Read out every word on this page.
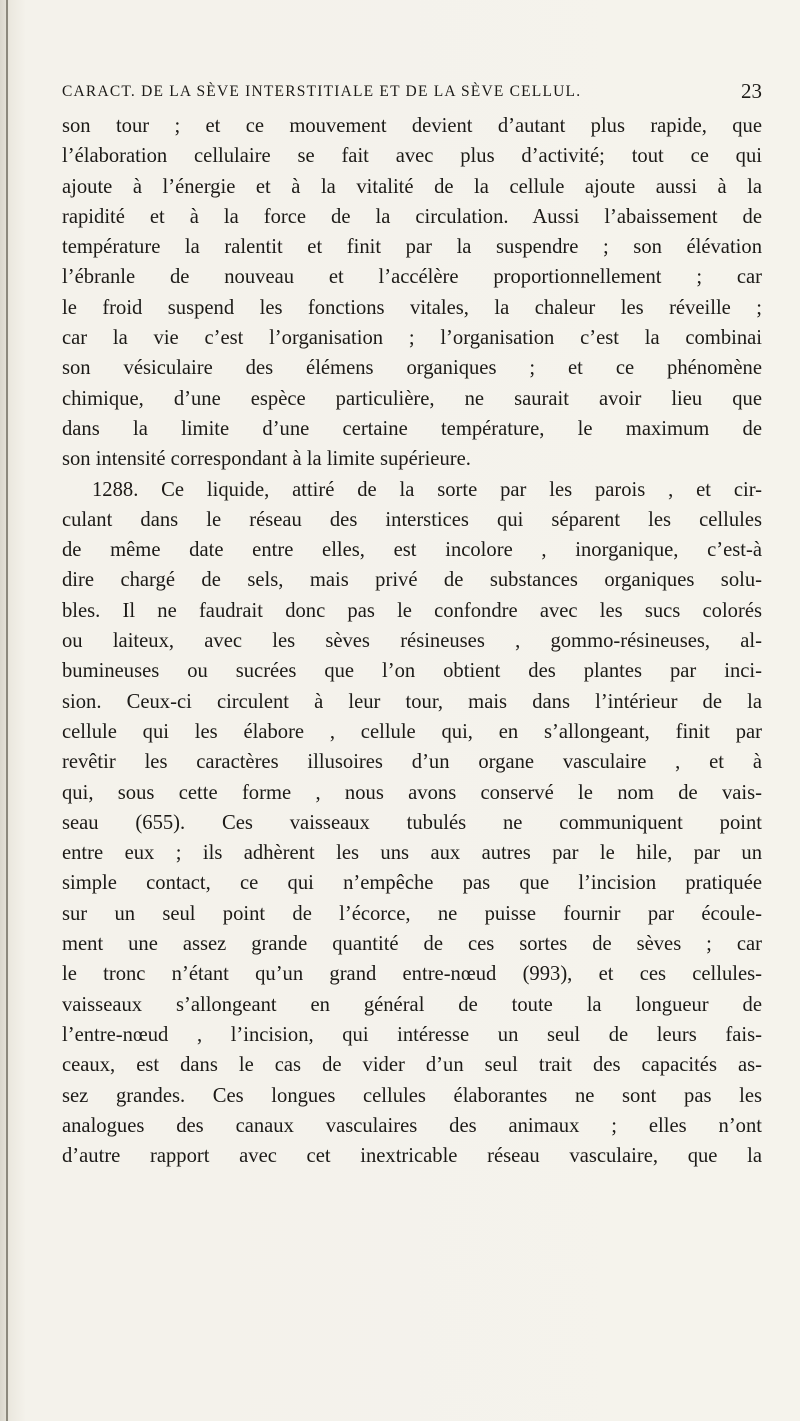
CARACT. DE LA SÈVE INTERSTITIALE ET DE LA SÈVE CELLUL.	23
son tour ; et ce mouvement devient d’autant plus rapide, que
l’élaboration cellulaire se fait avec plus d’activité; tout ce qui
ajoute à l’énergie et à la vitalité de la cellule ajoute aussi à la
rapidité et à la force de la circulation. Aussi l’abaissement de
température la ralentit et finit par la suspendre ; son élévation
l’ébranle de nouveau et l’accélère proportionnellement ; car
le froid suspend les fonctions vitales, la chaleur les réveille ;
car la vie c’est l’organisation ; l’organisation c’est la combinai
son vésiculaire des élémens organiques ; et ce phénomène
chimique, d’une espèce particulière, ne saurait avoir lieu que
dans la limite d’une certaine température, le maximum de
son intensité correspondant à la limite supérieure.
1288. Ce liquide, attiré de la sorte par les parois , et cir-
culant dans le réseau des interstices qui séparent les cellules
de même date entre elles, est incolore , inorganique, c’est-à
dire chargé de sels, mais privé de substances organiques solu-
bles. Il ne faudrait donc pas le confondre avec les sucs colorés
ou laiteux, avec les sèves résineuses , gommo-résineuses, al-
bumineuses ou sucrées que l’on obtient des plantes par inci-
sion. Ceux-ci circulent à leur tour, mais dans l’intérieur de la
cellule qui les élabore , cellule qui, en s’allongeant, finit par
revêtir les caractères illusoires d’un organe vasculaire , et à
qui, sous cette forme , nous avons conservé le nom de vais-
seau (655). Ces vaisseaux tubulés ne communiquent point
entre eux ; ils adhèrent les uns aux autres par le hile, par un
simple contact, ce qui n’empêche pas que l’incision pratiquée
sur un seul point de l’écorce, ne puisse fournir par écoule-
ment une assez grande quantité de ces sortes de sèves ; car
le tronc n’étant qu’un grand entre-nœud (993), et ces cellules-
vaisseaux s’allongeant en général de toute la longueur de
l’entre-nœud , l’incision, qui intéresse un seul de leurs fais-
ceaux, est dans le cas de vider d’un seul trait des capacités as-
sez grandes. Ces longues cellules élaborantes ne sont pas les
analogues des canaux vasculaires des animaux ; elles n’ont
d’autre rapport avec cet inextricable réseau vasculaire, que la
